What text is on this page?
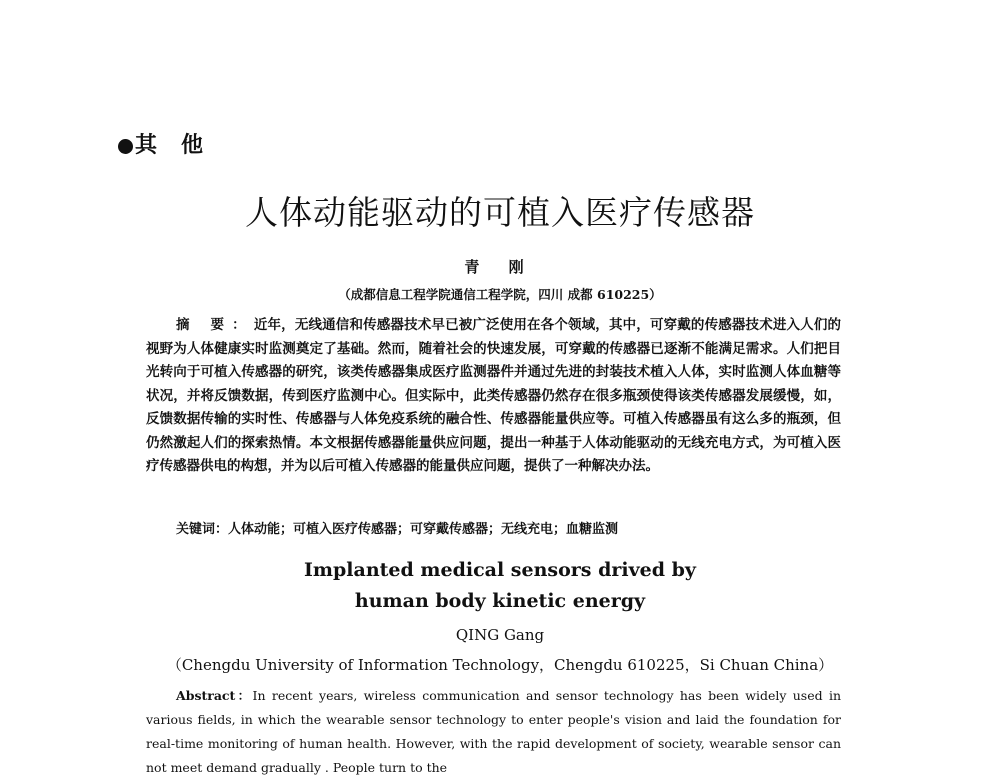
其 他
人体动能驱动的可植入医疗传感器
青 刚
（成都信息工程学院通信工程学院，四川 成都 610225）

摘 要：近年，无线通信和传感器技术早已被广泛使用在各个领域，其中，可穿戴的传感器技术进入人们的视野为人体健康实时监测奠定了基础。然而，随着社会的快速发展，可穿戴的传感器已逐渐不能满足需求。人们把目光转向于可植入传感器的研究，该类传感器集成医疗监测器件并通过先进的封装技术植入人体，实时监测人体血糖等状况，并将反馈数据，传到医疗监测中心。但实际中，此类传感器仍然存在很多瓶颈使得该类传感器发展缓慢，如，反馈数据传输的实时性、传感器与人体免疫系统的融合性、传感器能量供应等。可植入传感器虽有这么多的瓶颈，但仍然激起人们的探索热情。本文根据传感器能量供应问题，提出一种基于人体动能驱动的无线充电方式，为可植入医疗传感器供电的构想，并为以后可植入传感器的能量供应问题，提供了一种解决办法。

关键词：人体动能；可植入医疗传感器；可穿戴传感器；无线充电；血糖监测
Implanted medical sensors drived by
human body kinetic energy
QING Gang
（Chengdu University of Information Technology，Chengdu 610225，Si Chuan China）

Abstract：In recent years, wireless communication and sensor technology has been widely used in various fields, in which the wearable sensor technology to enter people's vision and laid the foundation for real-time monitoring of human health. However, with the rapid development of society, wearable sensor can not meet demand gradually . People turn to the
